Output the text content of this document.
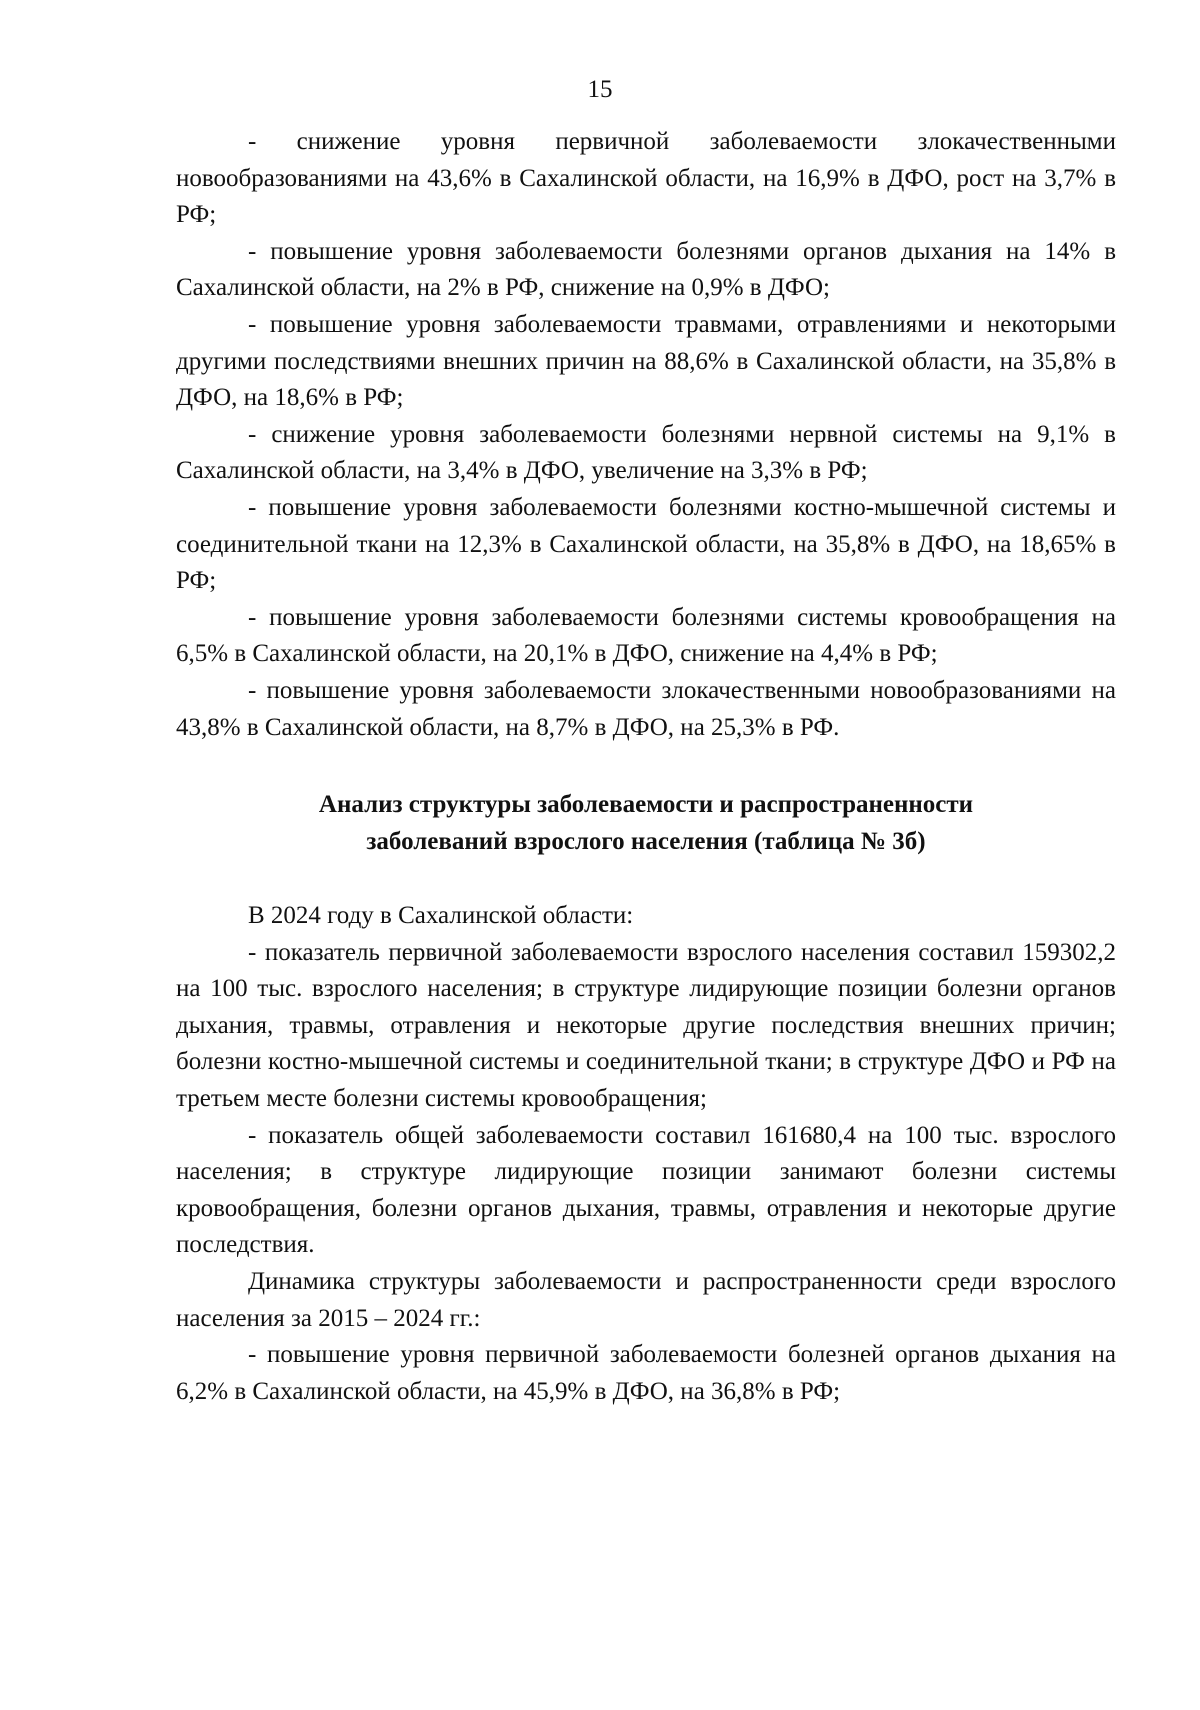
15

- снижение уровня первичной заболеваемости злокачественными новообразованиями на 43,6% в Сахалинской области, на 16,9% в ДФО, рост на 3,7% в РФ;

- повышение уровня заболеваемости болезнями органов дыхания на 14% в Сахалинской области, на 2% в РФ, снижение на 0,9% в ДФО;

- повышение уровня заболеваемости травмами, отравлениями и некоторыми другими последствиями внешних причин на 88,6% в Сахалинской области, на 35,8% в ДФО, на 18,6% в РФ;

- снижение уровня заболеваемости болезнями нервной системы на 9,1% в Сахалинской области, на 3,4% в ДФО, увеличение на 3,3% в РФ;

- повышение уровня заболеваемости болезнями костно-мышечной системы и соединительной ткани на 12,3% в Сахалинской области, на 35,8% в ДФО, на 18,65% в РФ;

- повышение уровня заболеваемости болезнями системы кровообращения на 6,5% в Сахалинской области, на 20,1% в ДФО, снижение на 4,4% в РФ;

- повышение уровня заболеваемости злокачественными новообразованиями на 43,8% в Сахалинской области, на 8,7% в ДФО, на 25,3% в РФ.

Анализ структуры заболеваемости и распространенности
заболеваний взрослого населения (таблица № 3б)

В 2024 году в Сахалинской области:

- показатель первичной заболеваемости взрослого населения составил 159302,2 на 100 тыс. взрослого населения; в структуре лидирующие позиции болезни органов дыхания, травмы, отравления и некоторые другие последствия внешних причин; болезни костно-мышечной системы и соединительной ткани; в структуре ДФО и РФ на третьем месте болезни системы кровообращения;

- показатель общей заболеваемости составил 161680,4 на 100 тыс. взрослого населения; в структуре лидирующие позиции занимают болезни системы кровообращения, болезни органов дыхания, травмы, отравления и некоторые другие последствия.

Динамика структуры заболеваемости и распространенности среди взрослого населения за 2015 – 2024 гг.:

- повышение уровня первичной заболеваемости болезней органов дыхания на 6,2% в Сахалинской области, на 45,9% в ДФО, на 36,8% в РФ;
